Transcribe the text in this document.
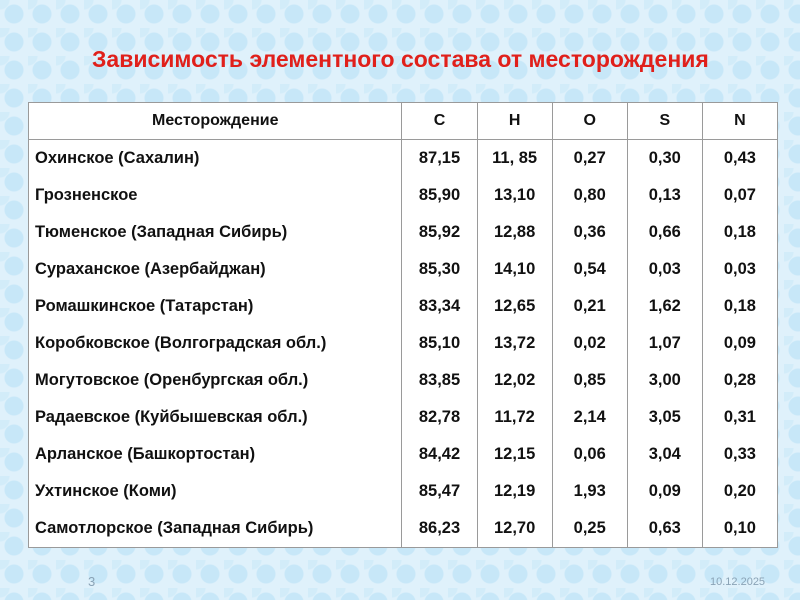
Зависимость элементного состава от месторождения
Месторождение	C	H	O	S	N
Охинское (Сахалин)	87,15	11, 85	0,27	0,30	0,43
Грозненское	85,90	13,10	0,80	0,13	0,07
Тюменское (Западная Сибирь)	85,92	12,88	0,36	0,66	0,18
Сураханское (Азербайджан)	85,30	14,10	0,54	0,03	0,03
Ромашкинское (Татарстан)	83,34	12,65	0,21	1,62	0,18
Коробковское (Волгоградская обл.)	85,10	13,72	0,02	1,07	0,09
Могутовское (Оренбургская обл.)	83,85	12,02	0,85	3,00	0,28
Радаевское (Куйбышевская обл.)	82,78	11,72	2,14	3,05	0,31
Арланское (Башкортостан)	84,42	12,15	0,06	3,04	0,33
Ухтинское (Коми)	85,47	12,19	1,93	0,09	0,20
Самотлорское (Западная Сибирь)	86,23	12,70	0,25	0,63	0,10
3	10.12.2025
